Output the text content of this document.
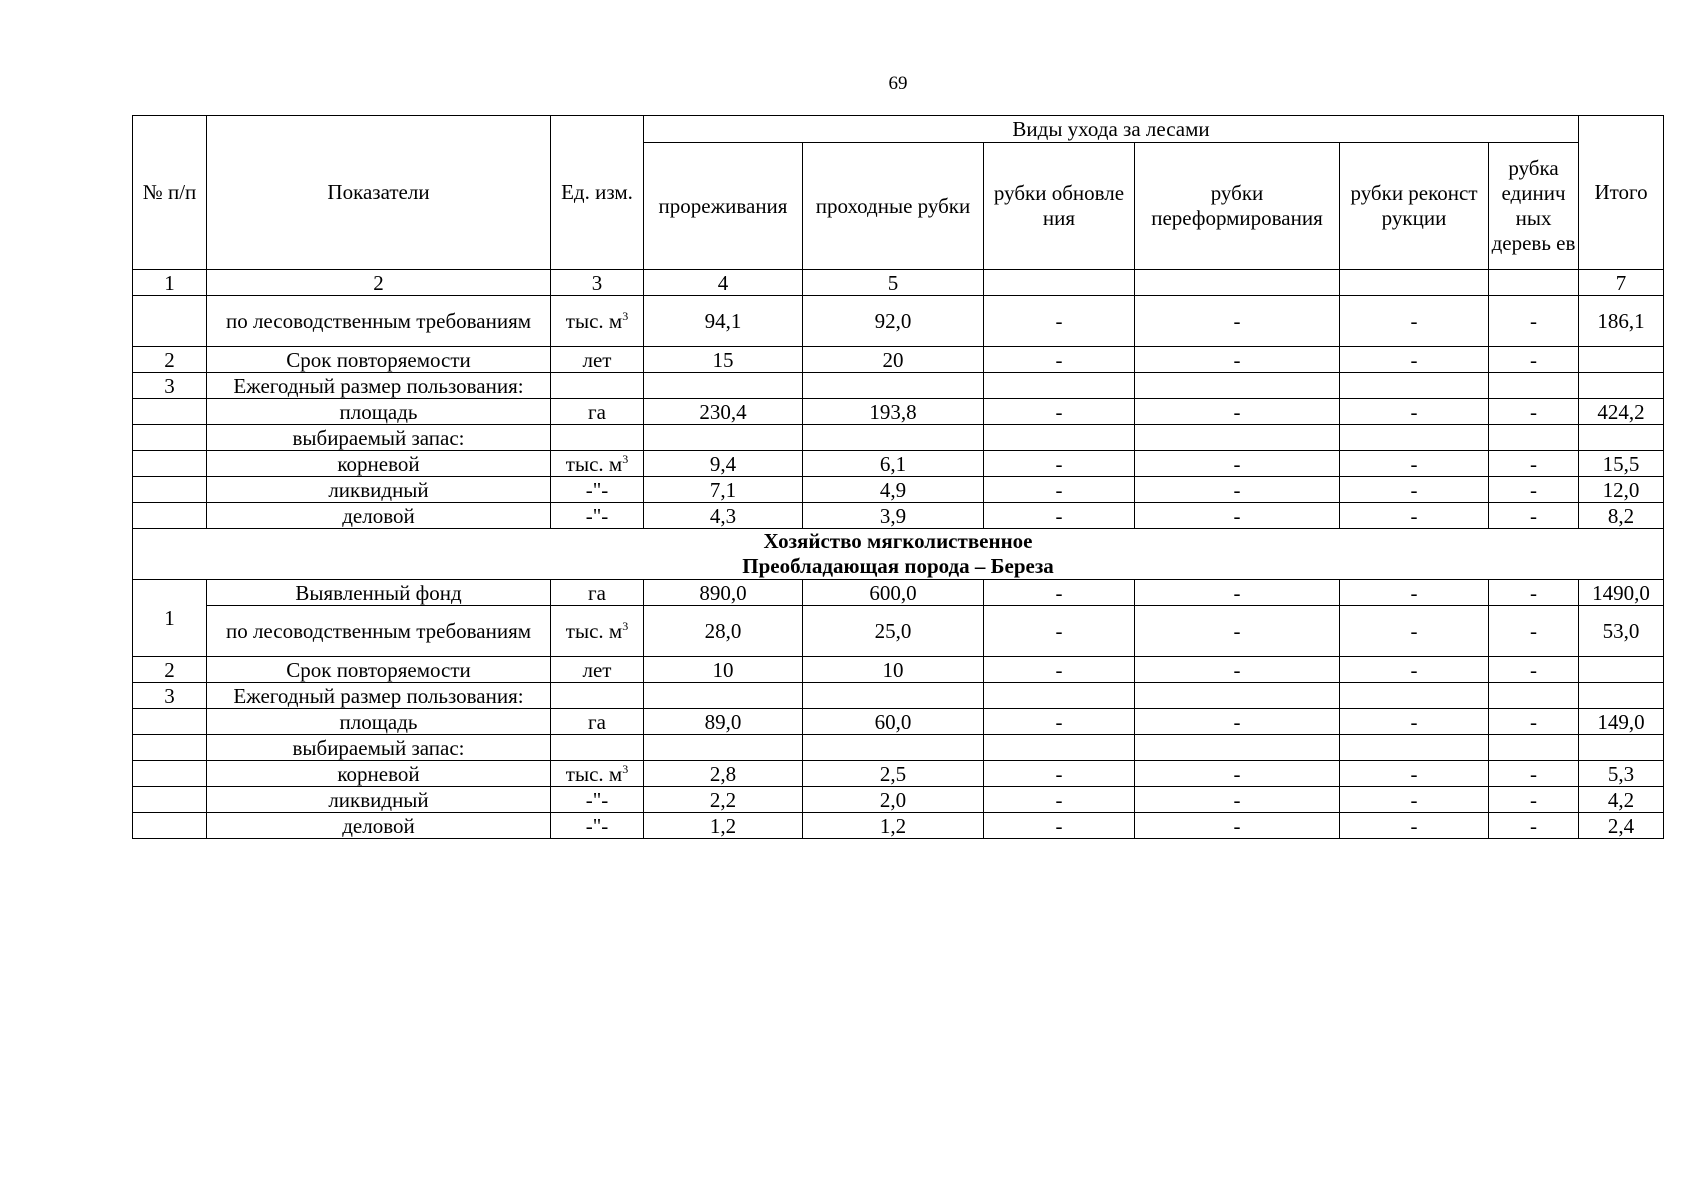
69
№ п/п	Показатели	Ед. изм.	Виды ухода за лесами						Итого
			прореживания	проходные рубки	рубки обновле ния	рубки переформирования	рубки реконст рукции	рубка единич ных деревь ев	
1	2	3	4	5					7
	по лесоводственным требованиям	тыс. $м^3$	94,1	92,0	-	-	-	-	186,1
2	Срок повторяемости	лет	15	20	-	-	-	-	
3	Ежегодный размер пользования:								
	площадь	га	230,4	193,8	-	-	-	-	424,2
	выбираемый запас:								
	корневой	тыс. $м^3$	9,4	6,1	-	-	-	-	15,5
	ликвидный	-"-	7,1	4,9	-	-	-	-	12,0
	деловой	-"-	4,3	3,9	-	-	-	-	8,2

Хозяйство мягколиственное
Преобладающая порода – Береза									

1	Выявленный фонд	га	890,0	600,0	-	-	-	-	1490,0
	по лесоводственным требованиям	тыс. $м^3$	28,0	25,0	-	-	-	-	53,0
2	Срок повторяемости	лет	10	10	-	-	-	-	
3	Ежегодный размер пользования:								
	площадь	га	89,0	60,0	-	-	-	-	149,0
	выбираемый запас:								
	корневой	тыс. $м^3$	2,8	2,5	-	-	-	-	5,3
	ликвидный	-"-	2,2	2,0	-	-	-	-	4,2
	деловой	-"-	1,2	1,2	-	-	-	-	2,4
